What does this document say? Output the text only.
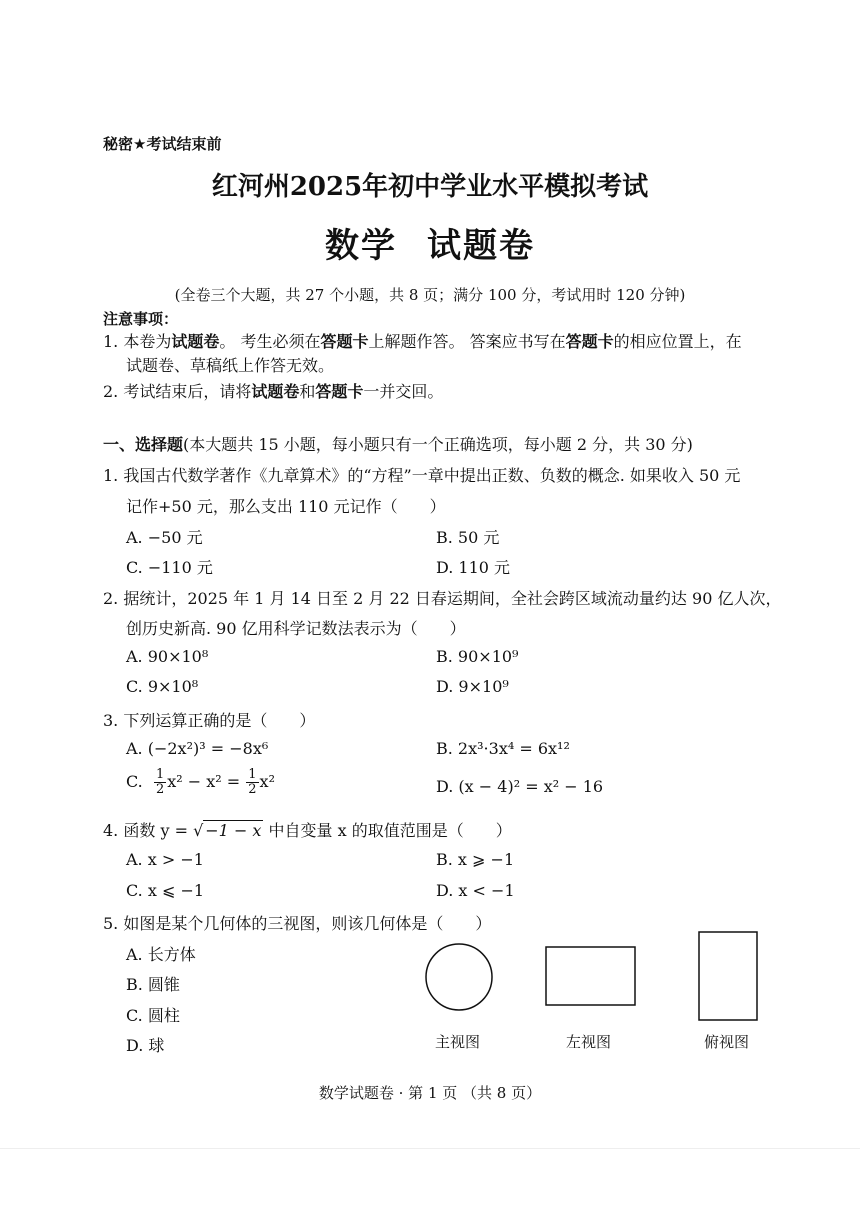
秘密★考试结束前
红河州2025年初中学业水平模拟考试
数学 试题卷
(全卷三个大题，共 27 个小题，共 8 页；满分 100 分，考试用时 120 分钟)
注意事项：
1. 本卷为试题卷。 考生必须在答题卡上解题作答。 答案应书写在答题卡的相应位置上，在
试题卷、草稿纸上作答无效。
2. 考试结束后，请将试题卷和答题卡一并交回。
一、选择题(本大题共 15 小题，每小题只有一个正确选项，每小题 2 分，共 30 分)
1. 我国古代数学著作《九章算术》的“方程”一章中提出正数、负数的概念. 如果收入 50 元
记作+50 元，那么支出 110 元记作（　　）
A. −50 元	B. 50 元
C. −110 元	D. 110 元
2. 据统计，2025 年 1 月 14 日至 2 月 22 日春运期间，全社会跨区域流动量约达 90 亿人次，
创历史新高. 90 亿用科学记数法表示为（　　）
A. 90×10⁸	B. 90×10⁹
C. 9×10⁸	D. 9×10⁹
3. 下列运算正确的是（　　）
A. (−2x²)³ = −8x⁶	B. 2x³·3x⁴ = 6x¹²
C. $\frac{1}{2} x^2 - x^2 = \frac{1}{2} x^2$	D. (x − 4)² = x² − 16
4. 函数 y = √ −1 − x 中自变量 x 的取值范围是（　　）
A. x > −1	B. x ⩾ −1
C. x ⩽ −1	D. x < −1
5. 如图是某个几何体的三视图，则该几何体是（　　）
A. 长方体
B. 圆锥
C. 圆柱
D. 球	主视图	左视图	俯视图
数学试题卷 · 第 1 页 （共 8 页）
